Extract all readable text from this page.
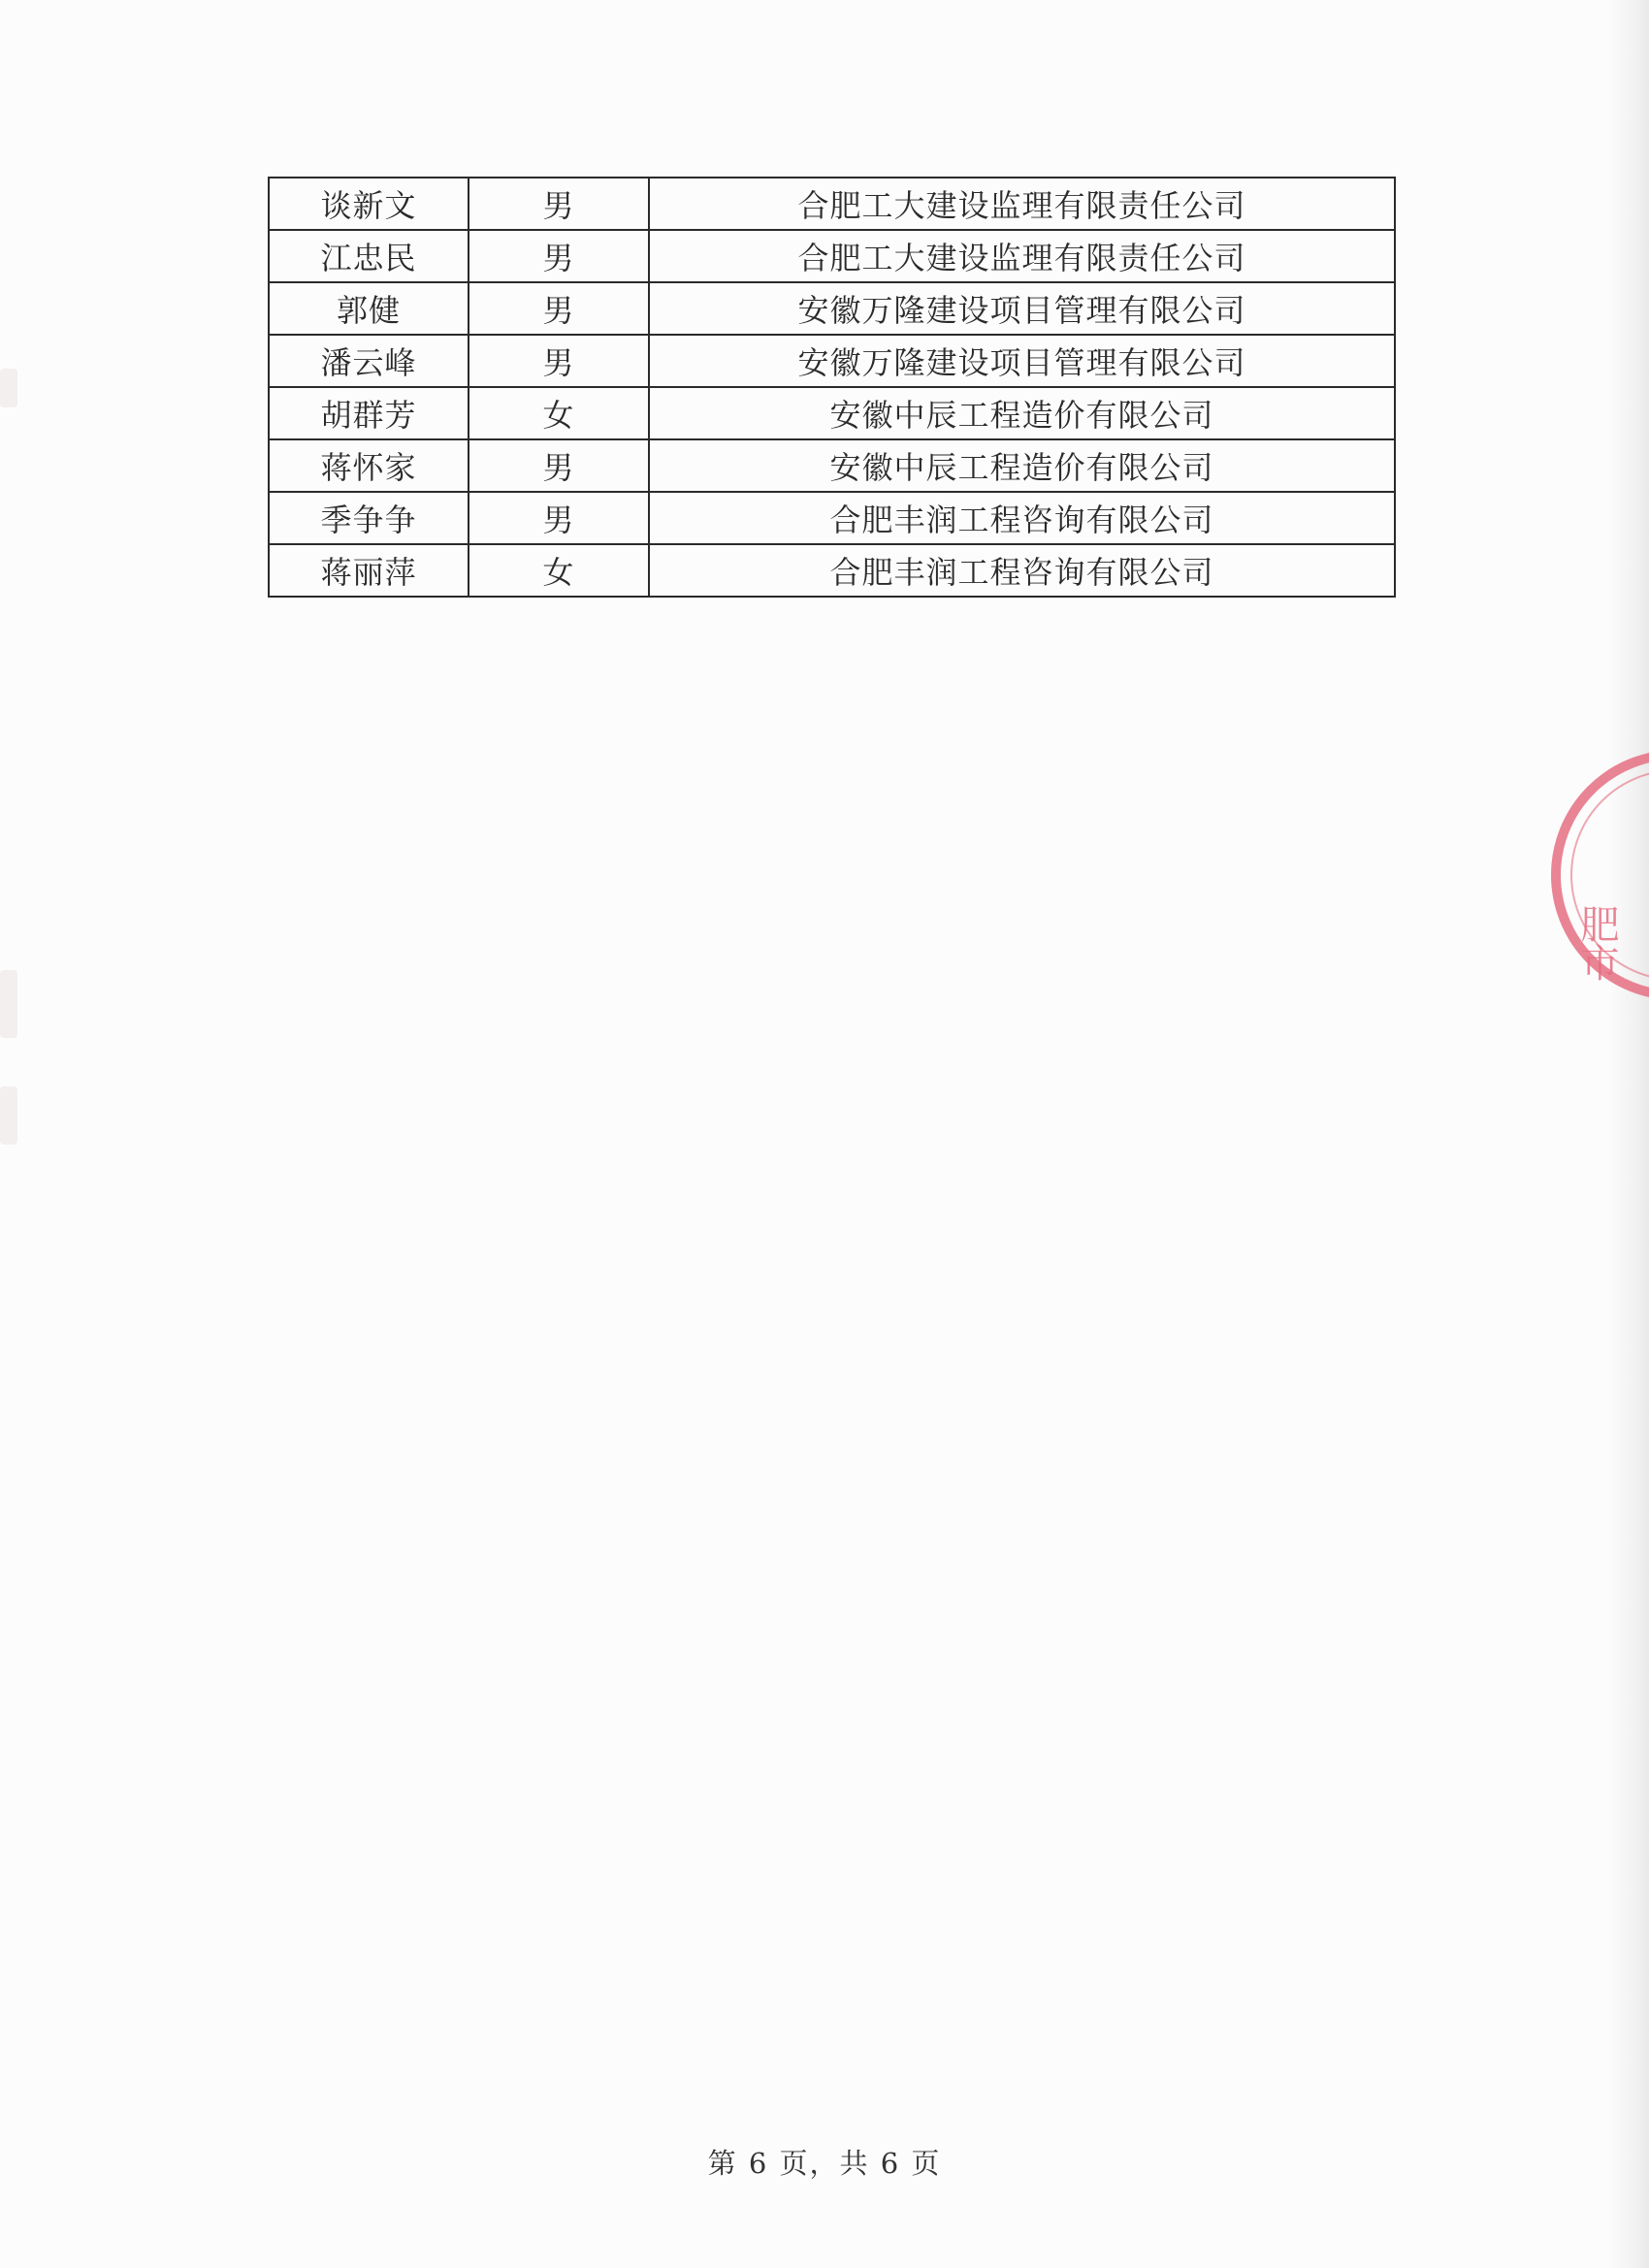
谈新文	男	合肥工大建设监理有限责任公司
江忠民	男	合肥工大建设监理有限责任公司
郭健	男	安徽万隆建设项目管理有限公司
潘云峰	男	安徽万隆建设项目管理有限公司
胡群芳	女	安徽中辰工程造价有限公司
蒋怀家	男	安徽中辰工程造价有限公司
季争争	男	合肥丰润工程咨询有限公司
蒋丽萍	女	合肥丰润工程咨询有限公司
肥市
第 6 页，共 6 页
